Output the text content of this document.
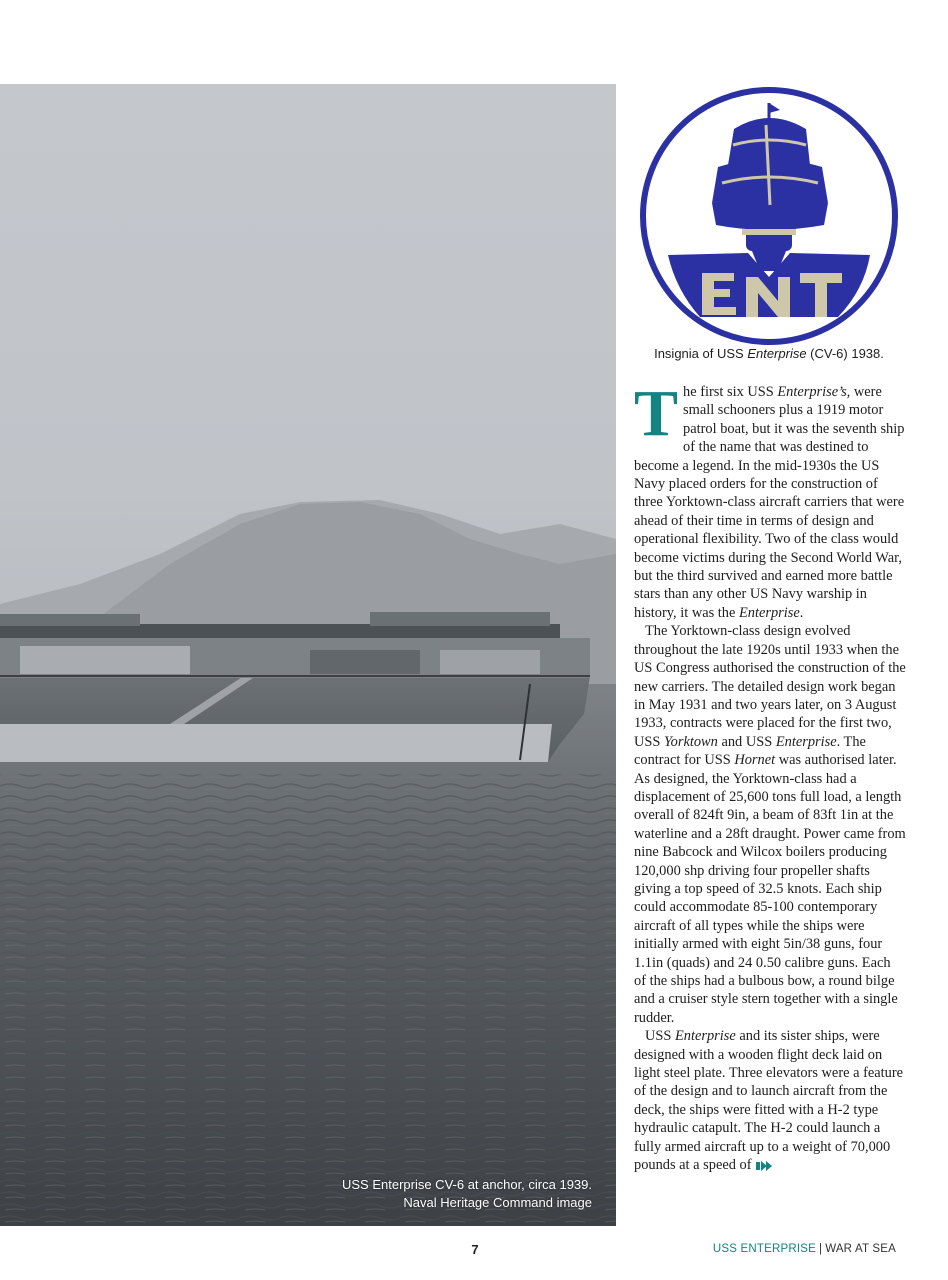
USS Enterprise CV-6 at anchor, circa 1939.
Naval Heritage Command image
Insignia of USS Enterprise (CV-6) 1938.

The first six USS Enterprise’s, were small schooners plus a 1919 motor patrol boat, but it was the seventh ship of the name that was destined to become a legend. In the mid-1930s the US Navy placed orders for the construction of three Yorktown-class aircraft carriers that were ahead of their time in terms of design and operational flexibility. Two of the class would become victims during the Second World War, but the third survived and earned more battle stars than any other US Navy warship in history, it was the Enterprise.

The Yorktown-class design evolved throughout the late 1920s until 1933 when the US Congress authorised the construction of the new carriers. The detailed design work began in May 1931 and two years later, on 3 August 1933, contracts were placed for the first two, USS Yorktown and USS Enterprise. The contract for USS Hornet was authorised later. As designed, the Yorktown-class had a displacement of 25,600 tons full load, a length overall of 824ft 9in, a beam of 83ft 1in at the waterline and a 28ft draught. Power came from nine Babcock and Wilcox boilers producing 120,000 shp driving four propeller shafts giving a top speed of 32.5 knots. Each ship could accommodate 85-100 contemporary aircraft of all types while the ships were initially armed with eight 5in/38 guns, four 1.1in (quads) and 24 0.50 calibre guns. Each of the ships had a bulbous bow, a round bilge and a cruiser style stern together with a single rudder.

USS Enterprise and its sister ships, were designed with a wooden flight deck laid on light steel plate. Three elevators were a feature of the design and to launch aircraft from the deck, the ships were fitted with a H-2 type hydraulic catapult. The H-2 could launch a fully armed aircraft up to a weight of 70,000 pounds at a speed of

7	USS ENTERPRISE | WAR AT SEA
